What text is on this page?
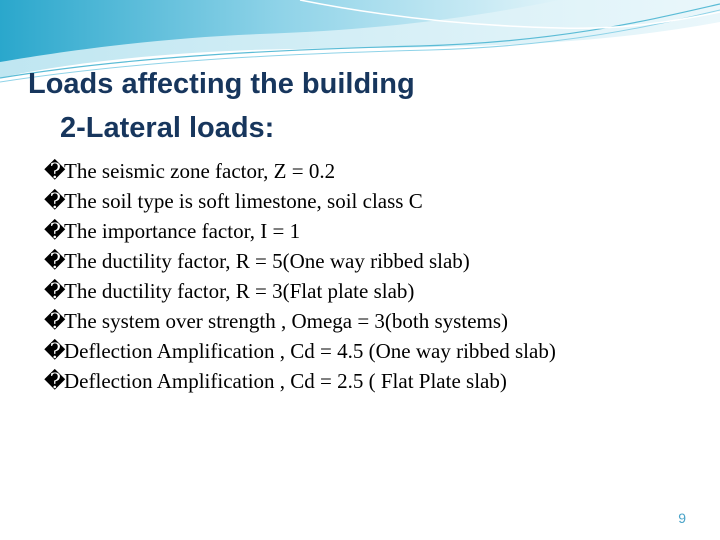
Loads affecting the building
2-Lateral loads:
�The seismic zone factor, Z = 0.2
�The soil type is soft limestone, soil class C
�The importance factor, I = 1
�The ductility factor, R = 5(One way ribbed slab)
�The ductility factor, R = 3(Flat plate slab)
�The system over strength , Omega = 3(both systems)
�Deflection Amplification , Cd = 4.5 (One way ribbed slab)
�Deflection Amplification , Cd = 2.5 ( Flat Plate slab)
9
